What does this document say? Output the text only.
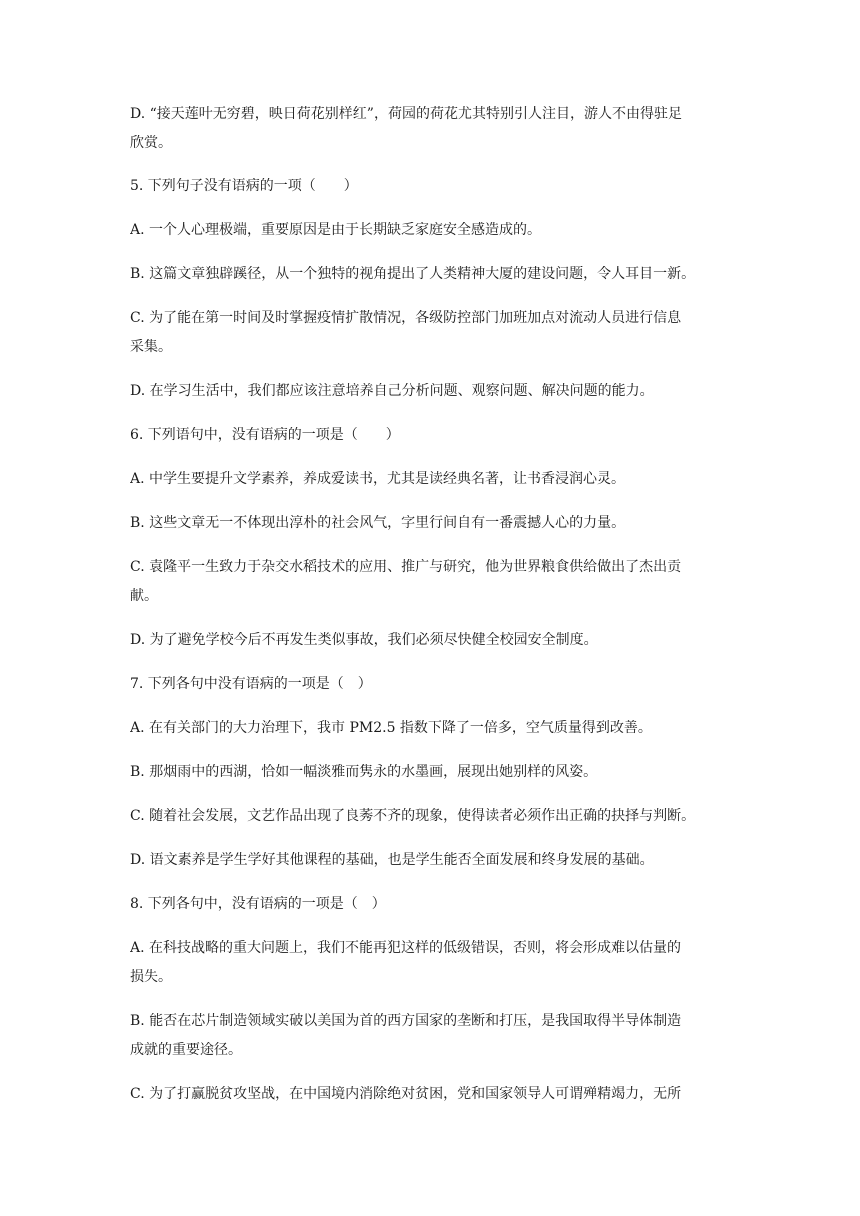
D. “接天莲叶无穷碧，映日荷花别样红”，荷园的荷花尤其特别引人注目，游人不由得驻足
欣赏。
5. 下列句子没有语病的一项（　　）
A. 一个人心理极端，重要原因是由于长期缺乏家庭安全感造成的。
B. 这篇文章独辟蹊径，从一个独特的视角提出了人类精神大厦的建设问题，令人耳目一新。
C. 为了能在第一时间及时掌握疫情扩散情况，各级防控部门加班加点对流动人员进行信息
采集。
D. 在学习生活中，我们都应该注意培养自己分析问题、观察问题、解决问题的能力。
6. 下列语句中，没有语病的一项是（　　）
A. 中学生要提升文学素养，养成爱读书，尤其是读经典名著，让书香浸润心灵。
B. 这些文章无一不体现出淳朴的社会风气，字里行间自有一番震撼人心的力量。
C. 袁隆平一生致力于杂交水稻技术的应用、推广与研究，他为世界粮食供给做出了杰出贡
献。
D. 为了避免学校今后不再发生类似事故，我们必须尽快健全校园安全制度。
7. 下列各句中没有语病的一项是（　）
A. 在有关部门的大力治理下，我市 PM2.5 指数下降了一倍多，空气质量得到改善。
B. 那烟雨中的西湖，恰如一幅淡雅而隽永的水墨画，展现出她别样的风姿。
C. 随着社会发展，文艺作品出现了良莠不齐的现象，使得读者必须作出正确的抉择与判断。
D. 语文素养是学生学好其他课程的基础，也是学生能否全面发展和终身发展的基础。
8. 下列各句中，没有语病的一项是（　）
A. 在科技战略的重大问题上，我们不能再犯这样的低级错误，否则，将会形成难以估量的
损失。
B. 能否在芯片制造领域实破以美国为首的西方国家的垄断和打压，是我国取得半导体制造
成就的重要途径。
C. 为了打赢脱贫攻坚战，在中国境内消除绝对贫困，党和国家领导人可谓殚精竭力，无所
